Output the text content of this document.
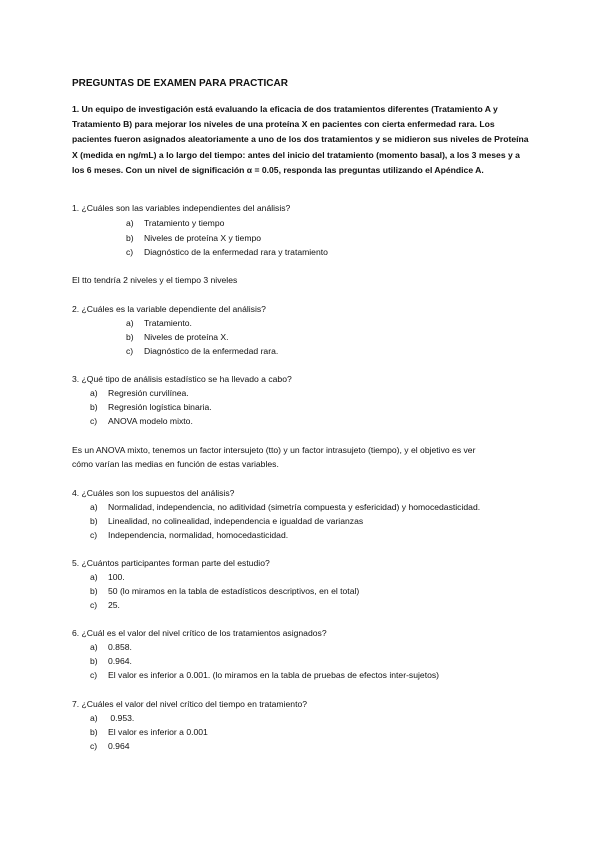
PREGUNTAS DE EXAMEN PARA PRACTICAR
1. Un equipo de investigación está evaluando la eficacia de dos tratamientos diferentes (Tratamiento A y Tratamiento B) para mejorar los niveles de una proteína X en pacientes con cierta enfermedad rara. Los pacientes fueron asignados aleatoriamente a uno de los dos tratamientos y se midieron sus niveles de Proteína X (medida en ng/mL) a lo largo del tiempo: antes del inicio del tratamiento (momento basal), a los 3 meses y a los 6 meses. Con un nivel de significación α = 0.05, responda las preguntas utilizando el Apéndice A.
1. ¿Cuáles son las variables independientes del análisis?
a) Tratamiento y tiempo
b) Niveles de proteína X y tiempo
c) Diagnóstico de la enfermedad rara y tratamiento
El tto tendría 2 niveles y el tiempo 3 niveles
2. ¿Cuáles es la variable dependiente del análisis?
a) Tratamiento.
b) Niveles de proteína X.
c) Diagnóstico de la enfermedad rara.
3. ¿Qué tipo de análisis estadístico se ha llevado a cabo?
a) Regresión curvilínea.
b) Regresión logística binaria.
c) ANOVA modelo mixto.
Es un ANOVA mixto, tenemos un factor intersujeto (tto) y un factor intrasujeto (tiempo), y el objetivo es ver
cómo varían las medias en función de estas variables.
4. ¿Cuáles son los supuestos del análisis?
a) Normalidad, independencia, no aditividad (simetría compuesta y esfericidad) y homocedasticidad.
b) Linealidad, no colinealidad, independencia e igualdad de varianzas
c) Independencia, normalidad, homocedasticidad.
5. ¿Cuántos participantes forman parte del estudio?
a) 100.
b) 50 (lo miramos en la tabla de estadísticos descriptivos, en el total)
c) 25.
6. ¿Cuál es el valor del nivel crítico de los tratamientos asignados?
a) 0.858.
b) 0.964.
c) El valor es inferior a 0.001. (lo miramos en la tabla de pruebas de efectos inter-sujetos)
7. ¿Cuáles el valor del nivel crítico del tiempo en tratamiento?
a) 0.953.
b) El valor es inferior a 0.001
c) 0.964
